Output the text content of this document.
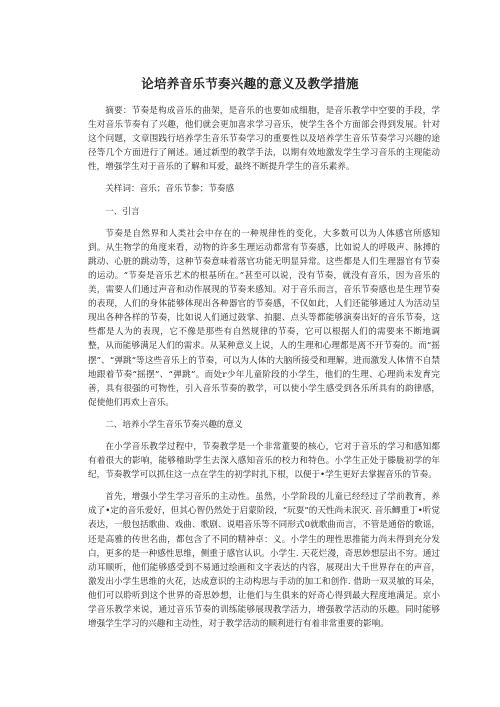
论培养音乐节奏兴趣的意义及教学措施

摘要：节奏是构成音乐的曲架，是音乐的也要如成细胞，是音乐教学中空要的手段，学生对音乐节奏有了兴趣，他们就会更加喜求学习音乐，使学生各个方面部会得到发展。针对这个问题，文章围践行培养学生音乐节奏学习的重要性以及培养学生音乐节奏学习兴趣的途径等几个方面进行了阐述。通过新型的教学手法，以期有效地激发学生学习音乐的主现能动性，增强学生对于音乐的了解和耳爱，最终不断提升学生的音乐素养。

关样词：音乐；音乐节参；节奏感

一、引言

节奏是自然界和人类社会中存在的一种规律性的变化，大多数可以为人体感官所感知到。从生物学的角度来看，动物的许多生理运动都常有节奏感，比如说人的呼吸声、脉搏的跳动、心脏的跳动等，这种节奏意味着落官功能无明显异常。这些都是人们生理器官有节奏的运动。“节奏是音乐艺术的根基所在。”甚至可以说，没有节奏，就没有音乐，因为音乐的美，需要人们通过声音和动作展现的节奏来感知。对于音乐而言，音乐节奏感也是生理节奏的表现，人们的身体能够体现出各种器官的节奏感，不仅如此，人们还能够通过人为活动呈现出各种各样的节奏，比如说人们通过鼓掌、拍腿、点头等都能够演奏出好的音乐节奏，这些都是人为的表现，它不像是那些有自然规律的节奏，它可以根据人们的需要来不断地调整，从而能够满足人们的需求。从某种意义上说，人的生理和心理都是离不开节奏的。而“摇摆”、“弹跳”等这些音乐上的节奏，可以为人体的大脑所接受和理解，进而激发人体情不自禁地跟着节奏“摇摆”、“弹跳”。而处r少年儿童阶段的小学生，他们的生理、心理尚未发育完善，具有很强的可物性，引入音乐节奏的教学，可以使小学生感受到各乐所具有的韵律感，促使他们再欢上音乐。

二、培养小学生音乐节奏兴趣的意义

在小学音乐教学过程中，节奏教学是一个非常董要的核心，它对于音乐的学习和感知都有着很大的影响，能够稽助学生去深入感知音乐的校力和特色。小学生正处于滕胧初学的年纪，节奏教学可以抓住这一点在学生的初学时扎下根，以便于•学生更好去掌握音乐的节奏。

首先，增强小学生学习音乐的主动性。虽然，小学阶段的儿童已经经过了学前教育，养成了•定的音乐爱好，但其心智仍然处于启蒙阶段，“玩耍”的天性尚未泯灭. 音乐鲫重丁•听觉表达，一般包括歌曲、戏曲、歌剧、说唱音乐等不同形式0就歌曲而言，不管是通俗的歌谣，还是高雅的传世名曲，都包含了不同的精神卓：义。小学生的理性思推能力尚未得到充分发白，更多的是一种感性思维，侧重于感官认识。小学生. 天花烂漫，奇思妙想层出不穷。通过动耳顺听，他们能够感受到不易通过绘画和文字表达的内容，展现出大千世界存在的声音，激发出小学生思维的火花，达成意识的主动构思与手动的加工和创作. 借助一双灵敏的耳朵，他们可以聆听到这个世界的奇思妙想，让他们与生俱来的好奇心得到最大程度地满足。京小学音乐教学来说，通过音乐节奏的训练能够展现教学活力，增强教学活动的乐趣。同时能够增强学生学习的兴趣和主动性，对于教学活动的顺利进行有着非常重要的影响。
